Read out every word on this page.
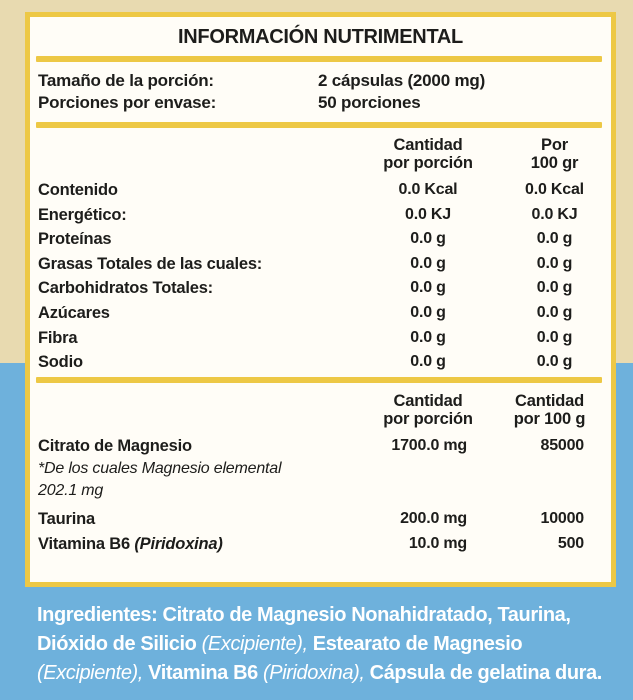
INFORMACIÓN NUTRIMENTAL
Tamaño de la porción:	2 cápsulas (2000 mg)
Porciones por envase:	50 porciones
Cantidad
por porción
Por
100 gr
Contenido	0.0 Kcal	0.0 Kcal
Energético:	0.0 KJ	0.0 KJ
Proteínas	0.0 g	0.0 g
Grasas Totales de las cuales:	0.0 g	0.0 g
Carbohidratos Totales:	0.0 g	0.0 g
Azúcares	0.0 g	0.0 g
Fibra	0.0 g	0.0 g
Sodio	0.0 g	0.0 g
Cantidad
por porción
Cantidad
por 100 g
Citrato de Magnesio	1700.0 mg	85000
*De los cuales Magnesio elemental
202.1 mg
Taurina	200.0 mg	10000
Vitamina B6 (Piridoxina)	10.0 mg	500
Ingredientes: Citrato de Magnesio Nonahidratado, Taurina,
Dióxido de Silicio (Excipiente), Estearato de Magnesio
(Excipiente), Vitamina B6 (Piridoxina), Cápsula de gelatina dura.
